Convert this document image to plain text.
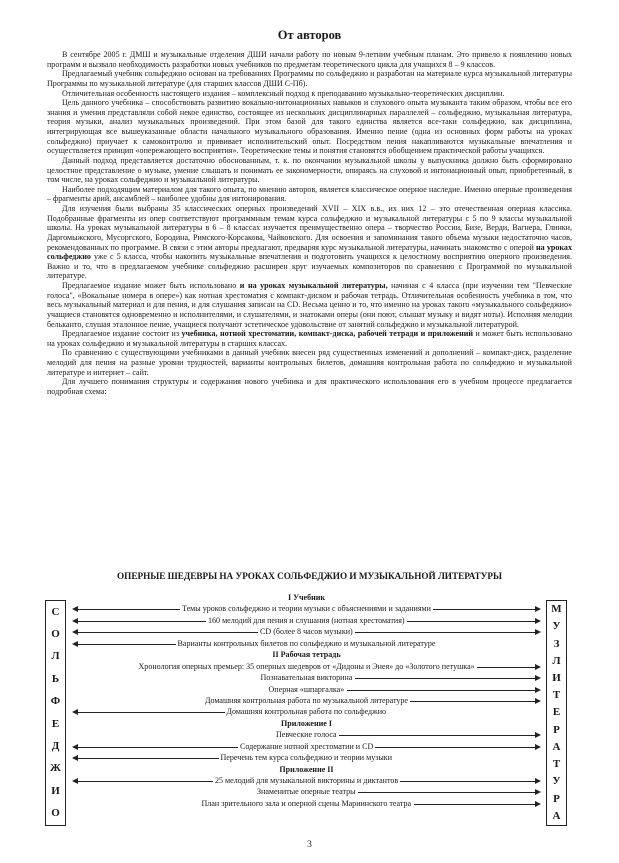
От авторов

В сентябре 2005 г. ДМШ и музыкальные отделения ДШИ начали работу по новым 9-летним учебным планам. Это привело к появлению новых программ и вызвало необходимость разработки новых учебников по предметам теоретического цикла для учащихся 8 – 9 классов.

Предлагаемый учебник сольфеджио основан на требованиях Программы по сольфеджио и разработан на материале курса музыкальной литературы Программы по музыкальной литературе (для старших классов ДШИ С-Пб).

Отличительная особенность настоящего издания – комплексный подход к преподаванию музыкально-теоретических дисциплин.

Цель данного учебника – способствовать развитию вокально-интонационных навыков и слухового опыта музыканта таким образом, чтобы все его знания и умения представляли собой некое единство, состоящее из нескольких дисциплинарных параллелей – сольфеджио, музыкальная литература, теория музыки, анализ музыкальных произведений. При этом базой для такого единства является все-таки сольфеджио, как дисциплина, интегрирующая все вышеуказанные области начального музыкального образования. Именно пение (одна из основных форм работы на уроках сольфеджио) приучает к самоконтролю и прививает исполнительский опыт. Посредством пения накапливаются музыкальные впечатления и осуществляется принцип «опережающего восприятия». Теоретические темы и понятия становятся обобщением практической работы учащихся.

Данный подход представляется достаточно обоснованным, т. к. по окончании музыкальной школы у выпускника должно быть сформировано целостное представление о музыке, умение слышать и понимать ее закономерности, опираясь на слуховой и интонационный опыт, приобретенный, в том числе, на уроках сольфеджио и музыкальной литературы.

Наиболее подходящим материалом для такого опыта, по мнению авторов, является классическое оперное наследие. Именно оперные произведения – фрагменты арий, ансамблей – наиболее удобны для интонирования.

Для изучения были выбраны 35 классических оперных произведений XVII – XIX в.в., их них 12 – это отечественная оперная классика. Подобранные фрагменты из опер соответствуют программным темам курса сольфеджио и музыкальной литературы с 5 по 9 классы музыкальной школы. На уроках музыкальной литературы в 6 – 8 классах изучается преимущественно опера – творчество России, Бизе, Верди, Вагнера, Глинки, Даргомыжского, Мусоргского, Бородина, Римского-Корсакова, Чайковского. Для освоения и запоминания такого объема музыки недостаточно часов, рекомендованных по программе. В связи с этим авторы предлагают, предваряя курс музыкальной литературы, начинать знакомство с оперой на уроках сольфеджио уже с 5 класса, чтобы накопить музыкальные впечатления и подготовить учащихся к целостному восприятию оперного произведения. Важно и то, что в предлагаемом учебнике сольфеджио расширен круг изучаемых композиторов по сравнению с Программой по музыкальной литературе.

Предлагаемое издание может быть использовано и на уроках музыкальной литературы, начиная с 4 класса (при изучении тем "Певческие голоса", «Вокальные номера в опере») как нотная хрестоматия с компакт-диском и рабочая тетрадь. Отличительная особенность учебника в том, что весь музыкальный материал и для пения, и для слушания записан на CD. Весьма ценно и то, что именно на уроках такого «музыкального сольфеджио» учащиеся становятся одновременно и исполнителями, и слушателями, и знатоками оперы (они поют, слышат музыку и видят ноты). Исполняя мелодии бельканто, слушая эталонное пение, учащиеся получают эстетическое удовольствие от занятий сольфеджио и музыкальной литературой.

Предлагаемое издание состоит из учебника, нотной хрестоматии, компакт-диска, рабочей тетради и приложений и может быть использовано на уроках сольфеджио и музыкальной литературы в старших классах.

По сравнению с существующими учебниками в данный учебник внесен ряд существенных изменений и дополнений – компакт-диск, разделение мелодий для пения на разные уровни трудностей, варианты контрольных билетов, домашняя контрольная работа по сольфеджио и музыкальной литературе и интернет – сайт.

Для лучшего понимания структуры и содержания нового учебника и для практического использования его в учебном процессе предлагается подробная схема:

ОПЕРНЫЕ ШЕДЕВРЫ НА УРОКАХ СОЛЬФЕДЖИО И МУЗЫКАЛЬНОЙ ЛИТЕРАТУРЫ
С
О
Л
Ь
Ф
Е
Д
Ж
И
О
М
У
З
Л
И
Т
Е
Р
А
Т
У
Р
А
I Учебник
Темы уроков сольфеджио и теории музыки с объяснениями и заданиями
160 мелодий для пения и слушания (нотная хрестоматия)
CD (более 8 часов музыки)
Варианты контрольных билетов по сольфеджио и музыкальной литературе
II Рабочая тетрадь
Хронология оперных премьер: 35 оперных шедевров от «Дидоны и Энея» до «Золотого петушка»
Познавательная викторина
Оперная «шпаргалка»
Домашняя контрольная работа по музыкальной литературе
Домашняя контрольная работа по сольфеджио
Приложение I
Певческие голоса
Содержание нотной хрестоматии и CD
Перечень тем курса сольфеджио и теории музыки
Приложение II
25 мелодий для музыкальной викторины и диктантов
Знаменитые оперные театры
План зрительного зала и оперной сцены Мариинского театра
3
